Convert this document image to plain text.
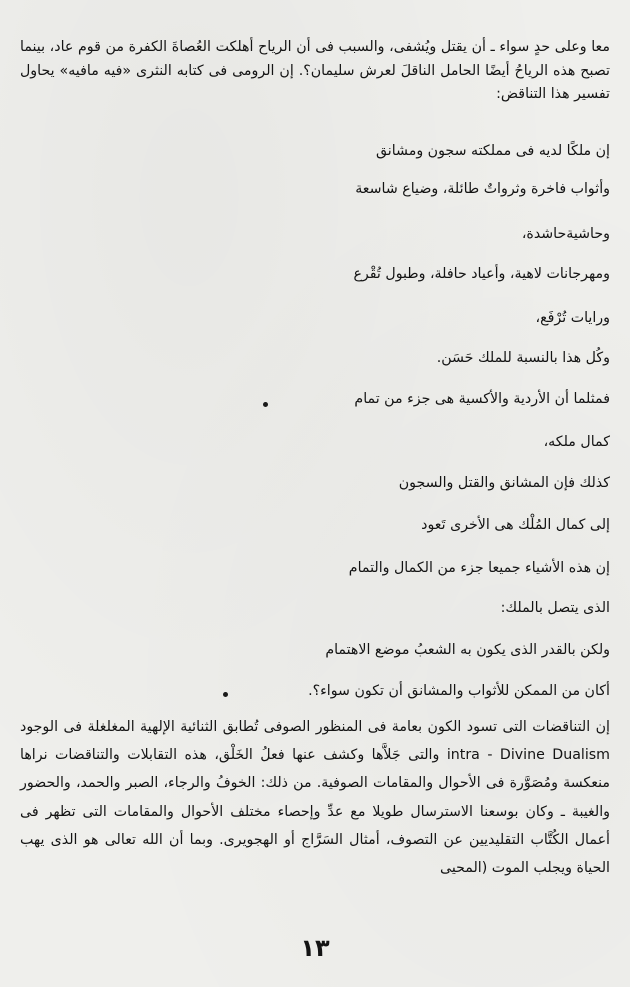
معا وعلى حدٍ سواء ـ أن يقتل ويُشفى، والسبب فى أن الرياح أهلكت العُصاةَ الكفرة من قوم عاد، بينما تصبح هذه الرياحُ أيضًا الحامل الناقلَ لعرش سليمان؟. إن الرومى فى كتابه النثرى «فيه مافيه» يحاول تفسير هذا التناقض:
إن ملكًا لديه فى مملكته سجون ومشانق
وأثواب فاخرة وثرواتٌ طائلة، وضياع شاسعة
وحاشيةحاشدة،
ومهرجانات لاهية، وأعياد حافلة، وطبول تُقْرع
ورايات تُرْفَع،
وكُل هذا بالنسبة للملك حَسَن.
فمثلما أن الأردية والأكسية هى جزء من تمام
كمال ملكه،
كذلك فإن المشانق والقتل والسجون
إلى كمال المُلْك هى الأخرى تَعود
إن هذه الأشياء جميعا جزء من الكمال والتمام
الذى يتصل بالملك:
ولكن بالقدر الذى يكون به الشعبُ موضع الاهتمام
أكان من الممكن للأثواب والمشانق أن تكون سواء؟.
إن التناقضات التى تسود الكون بعامة فى المنظور الصوفى تُطابق الثنائية الإلهية المغلغلة فى الوجود intra - Divine Dualism والتى جَلاَّها وكشف عنها فعلُ الخَلْق، هذه التقابلات والتناقضات نراها منعكسة ومُصَوَّرة فى الأحوال والمقامات الصوفية. من ذلك: الخوفُ والرجاء، الصبر والحمد، والحضور والغيبة ـ وكان بوسعنا الاسترسال طويلا مع عدِّ وإحصاء مختلف الأحوال والمقامات التى تظهر فى أعمال الكُتَّاب التقليديين عن التصوف، أمثال السَرَّاج أو الهجويرى. وبما أن الله تعالى هو الذى يهب الحياة ويجلب الموت (المحيى
١٣
